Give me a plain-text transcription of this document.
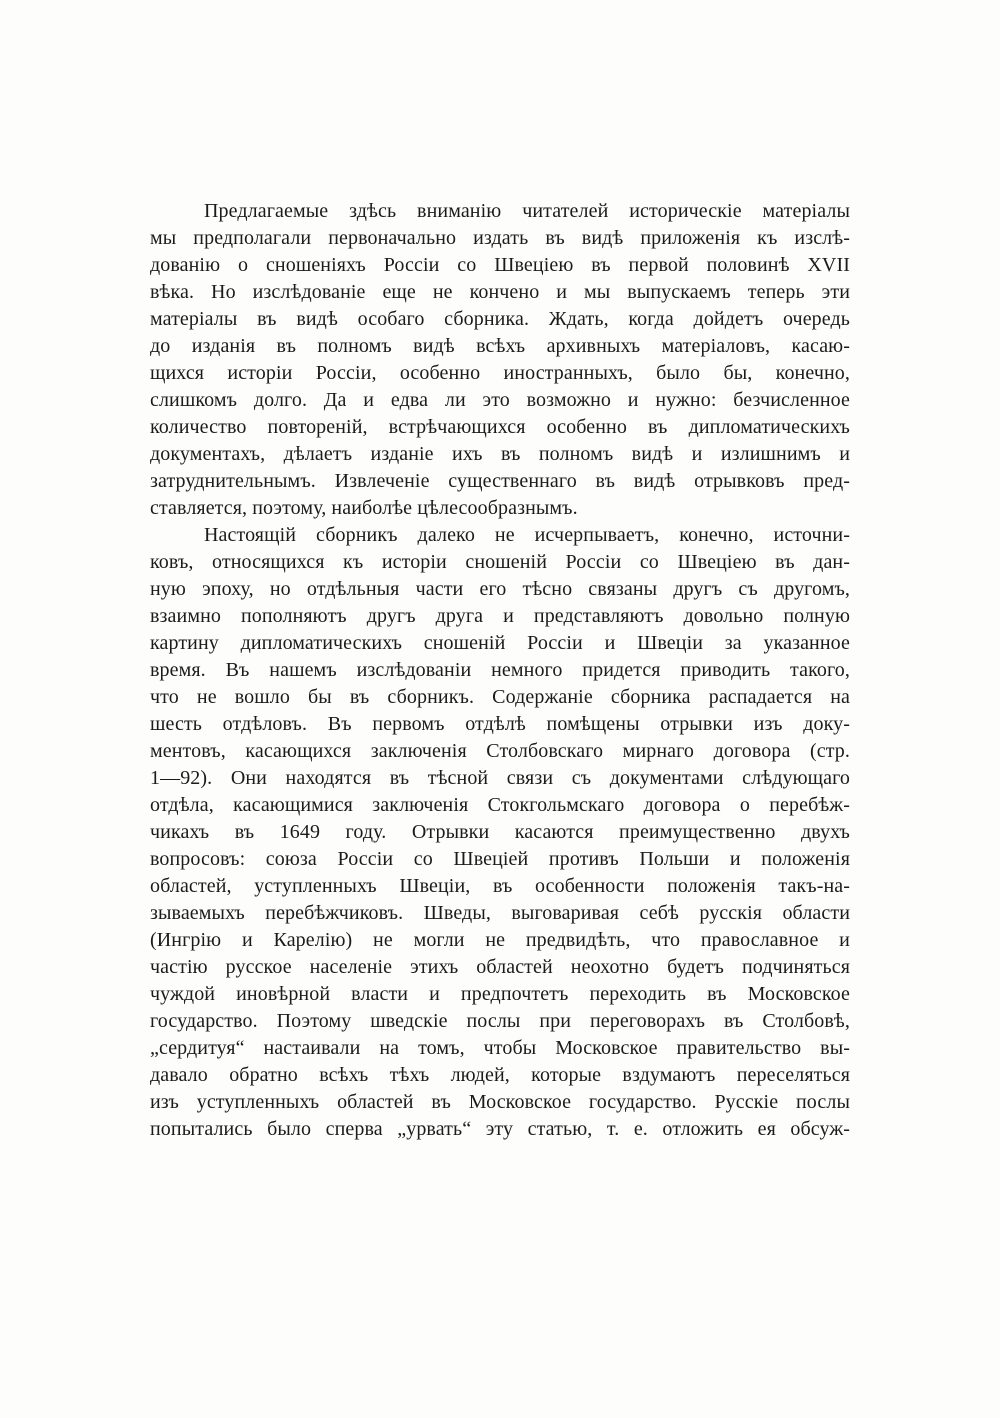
Предлагаемые здѣсь вниманію читателей историческіе матеріалы
мы предполагали первоначально издать въ видѣ приложенія къ изслѣ-
дованію о сношеніяхъ Россіи со Швеціею въ первой половинѣ XVII
вѣка. Но изслѣдованіе еще не кончено и мы выпускаемъ теперь эти
матеріалы въ видѣ особаго сборника. Ждать, когда дойдетъ очередь
до изданія въ полномъ видѣ всѣхъ архивныхъ матеріаловъ, касаю-
щихся исторіи Россіи, особенно иностранныхъ, было бы, конечно,
слишкомъ долго. Да и едва ли это возможно и нужно: безчисленное
количество повтореній, встрѣчающихся особенно въ дипломатическихъ
документахъ, дѣлаетъ изданіе ихъ въ полномъ видѣ и излишнимъ и
затруднительнымъ. Извлеченіе существеннаго въ видѣ отрывковъ пред-
ставляется, поэтому, наиболѣе цѣлесообразнымъ.
Настоящій сборникъ далеко не исчерпываетъ, конечно, источни-
ковъ, относящихся къ исторіи сношеній Россіи со Швеціею въ дан-
ную эпоху, но отдѣльныя части его тѣсно связаны другъ съ другомъ,
взаимно пополняютъ другъ друга и представляютъ довольно полную
картину дипломатическихъ сношеній Россіи и Швеціи за указанное
время. Въ нашемъ изслѣдованіи немного придется приводить такого,
что не вошло бы въ сборникъ. Содержаніе сборника распадается на
шесть отдѣловъ. Въ первомъ отдѣлѣ помѣщены отрывки изъ доку-
ментовъ, касающихся заключенія Столбовскаго мирнаго договора (стр.
1—92). Они находятся въ тѣсной связи съ документами слѣдующаго
отдѣла, касающимися заключенія Стокгольмскаго договора о перебѣж-
чикахъ въ 1649 году. Отрывки касаются преимущественно двухъ
вопросовъ: союза Россіи со Швеціей противъ Польши и положенія
областей, уступленныхъ Швеціи, въ особенности положенія такъ-на-
зываемыхъ перебѣжчиковъ. Шведы, выговаривая себѣ русскія области
(Ингрію и Карелію) не могли не предвидѣть, что православное и
частію русское населеніе этихъ областей неохотно будетъ подчиняться
чуждой иновѣрной власти и предпочтетъ переходить въ Московское
государство. Поэтому шведскіе послы при переговорахъ въ Столбовѣ,
„сердитуя“ настаивали на томъ, чтобы Московское правительство вы-
давало обратно всѣхъ тѣхъ людей, которые вздумаютъ переселяться
изъ уступленныхъ областей въ Московское государство. Русскіе послы
попытались было сперва „урвать“ эту статью, т. е. отложить ея обсуж-
